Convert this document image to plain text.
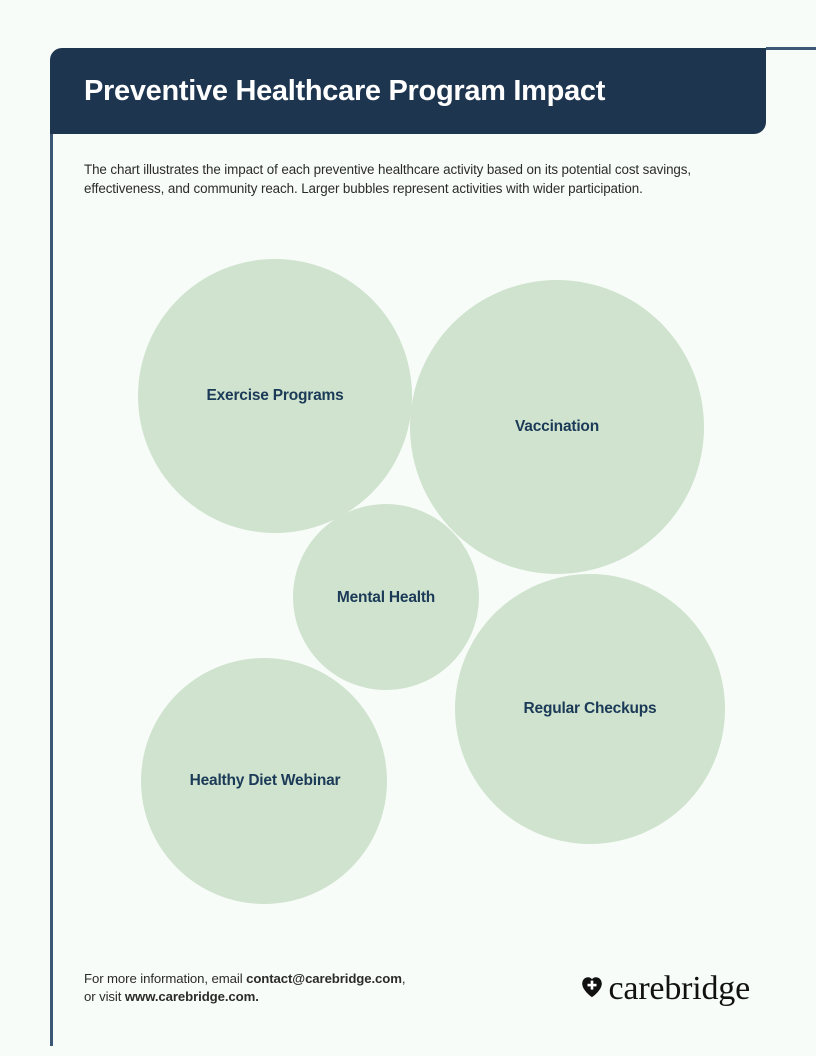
Preventive Healthcare Program Impact
The chart illustrates the impact of each preventive healthcare activity based on its potential cost savings, effectiveness, and community reach. Larger bubbles represent activities with wider participation.
Exercise Programs
Vaccination
Mental Health
Regular Checkups
Healthy Diet Webinar
For more information, email contact@carebridge.com,
or visit www.carebridge.com.	carebridge
